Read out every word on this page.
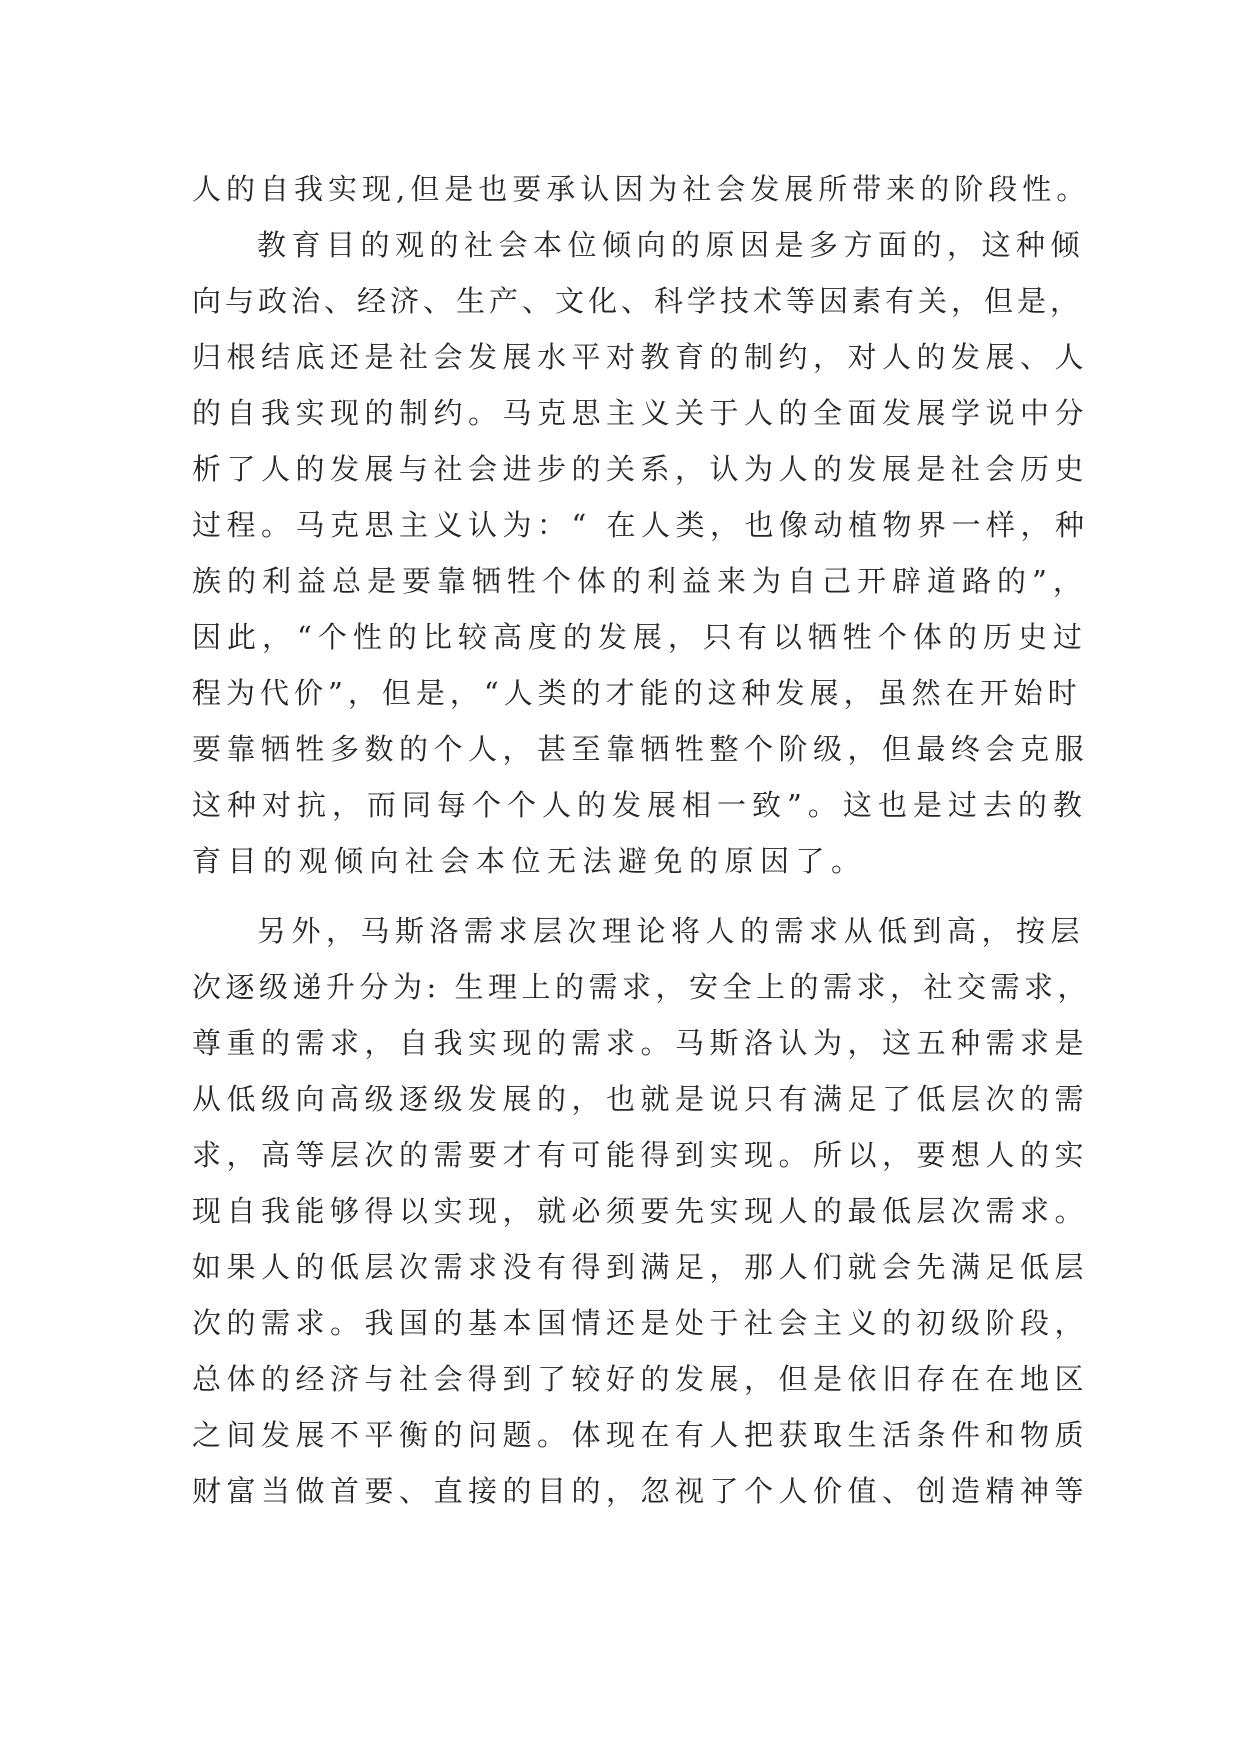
人的自我实现,但是也要承认因为社会发展所带来的阶段性。
教育目的观的社会本位倾向的原因是多方面的，这种倾
向与政治、经济、生产、文化、科学技术等因素有关，但是，
归根结底还是社会发展水平对教育的制约，对人的发展、人
的自我实现的制约。马克思主义关于人的全面发展学说中分
析了人的发展与社会进步的关系，认为人的发展是社会历史
过程。马克思主义认为：“ 在人类，也像动植物界一样，种
族的利益总是要靠牺牲个体的利益来为自己开辟道路的”，
因此，“个性的比较高度的发展，只有以牺牲个体的历史过
程为代价”，但是，“人类的才能的这种发展，虽然在开始时
要靠牺牲多数的个人，甚至靠牺牲整个阶级，但最终会克服
这种对抗，而同每个个人的发展相一致”。这也是过去的教
育目的观倾向社会本位无法避免的原因了。
另外，马斯洛需求层次理论将人的需求从低到高，按层
次逐级递升分为: 生理上的需求，安全上的需求，社交需求，
尊重的需求，自我实现的需求。马斯洛认为，这五种需求是
从低级向高级逐级发展的，也就是说只有满足了低层次的需
求，高等层次的需要才有可能得到实现。所以，要想人的实
现自我能够得以实现，就必须要先实现人的最低层次需求。
如果人的低层次需求没有得到满足，那人们就会先满足低层
次的需求。我国的基本国情还是处于社会主义的初级阶段，
总体的经济与社会得到了较好的发展，但是依旧存在在地区
之间发展不平衡的问题。体现在有人把获取生活条件和物质
财富当做首要、直接的目的，忽视了个人价值、创造精神等
